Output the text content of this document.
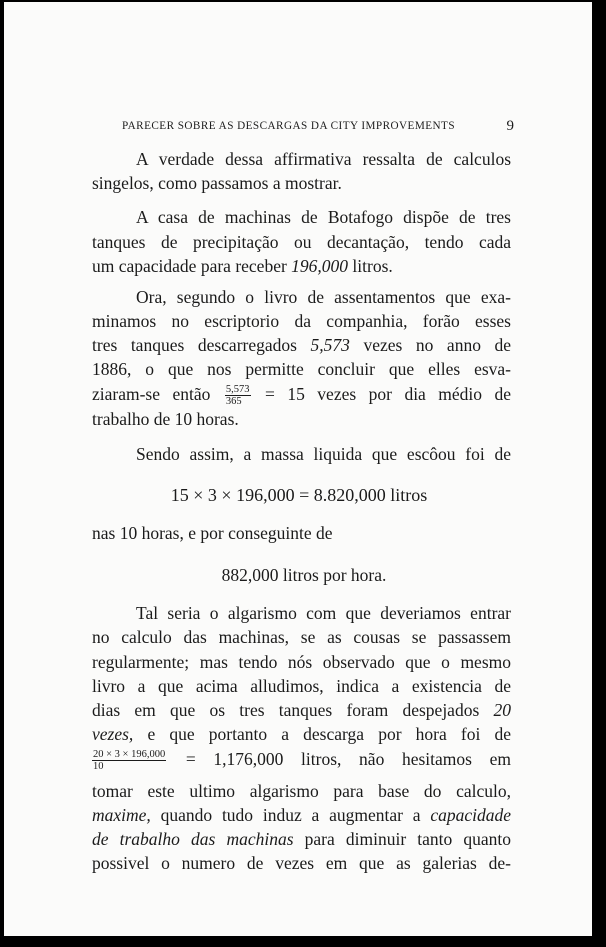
PARECER SOBRE AS DESCARGAS DA CITY IMPROVEMENTS	9
A verdade dessa affirmativa ressalta de calculos
singelos, como passamos a mostrar.
A casa de machinas de Botafogo dispõe de tres
tanques de precipitação ou decantação, tendo cada
um capacidade para receber 196,000 litros.
Ora, segundo o livro de assentamentos que exa-
minamos no escriptorio da companhia, forão esses
tres tanques descarregados 5,573 vezes no anno de
1886, o que nos permitte concluir que elles esva-
ziaram-se então $\frac{5,573}{365} = 15$ vezes por dia médio de
trabalho de 10 horas.
Sendo assim, a massa liquida que escôou foi de
15 × 3 × 196,000 = 8.820,000 litros
nas 10 horas, e por conseguinte de
882,000 litros por hora.
Tal seria o algarismo com que deveriamos entrar
no calculo das machinas, se as cousas se passassem
regularmente; mas tendo nós observado que o mesmo
livro a que acima alludimos, indica a existencia de
dias em que os tres tanques foram despejados 20
vezes, e que portanto a descarga por hora foi de
$\frac{20 \times 3 \times 196,000}{10} = 1,176,000$ litros, não hesitamos em
tomar este ultimo algarismo para base do calculo,
maxime, quando tudo induz a augmentar a capacidade
de trabalho das machinas para diminuir tanto quanto
possivel o numero de vezes em que as galerias de-
